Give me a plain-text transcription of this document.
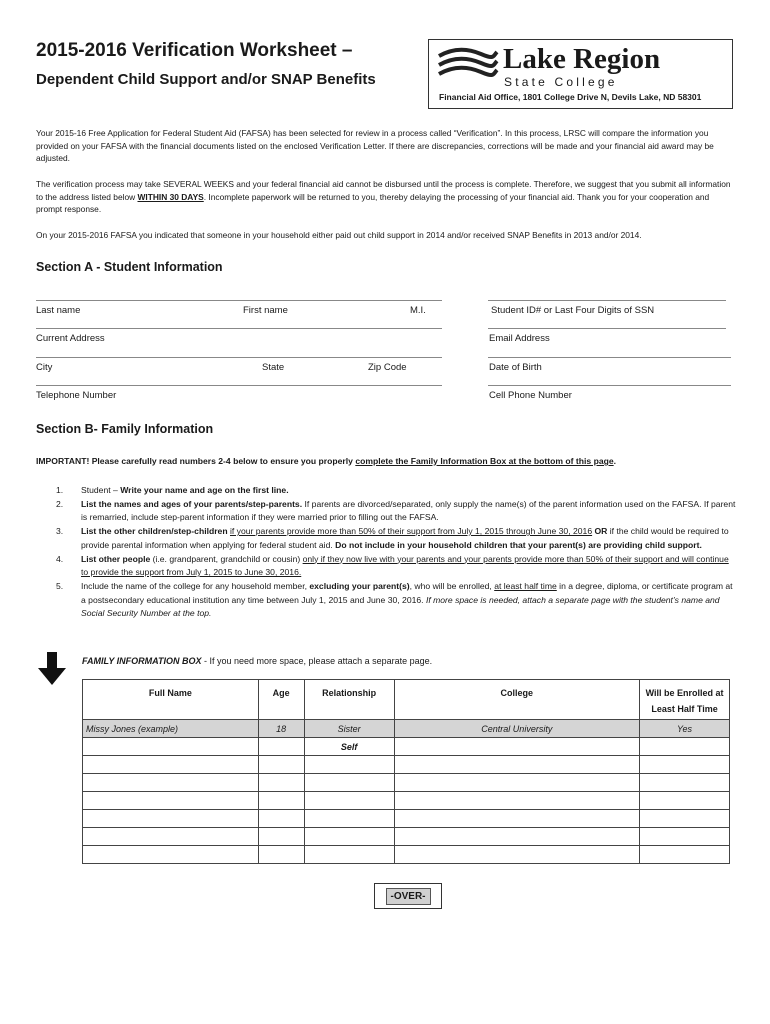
2015-2016 Verification Worksheet –
Dependent Child Support and/or SNAP Benefits
Lake Region
State College
Financial Aid Office, 1801 College Drive N, Devils Lake, ND 58301

Your 2015-16 Free Application for Federal Student Aid (FAFSA) has been selected for review in a process called “Verification”. In this process, LRSC will compare the information you provided on your FAFSA with the financial documents listed on the enclosed Verification Letter. If there are discrepancies, corrections will be made and your financial aid award may be adjusted.

The verification process may take SEVERAL WEEKS and your federal financial aid cannot be disbursed until the process is complete. Therefore, we suggest that you submit all information to the address listed below WITHIN 30 DAYS. Incomplete paperwork will be returned to you, thereby delaying the processing of your financial aid. Thank you for your cooperation and prompt response.

On your 2015-2016 FAFSA you indicated that someone in your household either paid out child support in 2014 and/or received SNAP Benefits in 2013 and/or 2014.

Section A - Student Information
Last name	First name	M.I.	Student ID# or Last Four Digits of SSN
Current Address	Email Address
City	State	Zip Code	Date of Birth
Telephone Number	Cell Phone Number
Section B- Family Information
IMPORTANT! Please carefully read numbers 2-4 below to ensure you properly complete the Family Information Box at the bottom of this page.
1. Student – Write your name and age on the first line.
2. List the names and ages of your parents/step-parents. If parents are divorced/separated, only supply the name(s) of the parent information used on the FAFSA. If parent is remarried, include step-parent information if they were married prior to filling out the FAFSA.
3. List the other children/step-children if your parents provide more than 50% of their support from July 1, 2015 through June 30, 2016 OR if the child would be required to provide parental information when applying for federal student aid. Do not include in your household children that your parent(s) are providing child support.
4. List other people (i.e. grandparent, grandchild or cousin) only if they now live with your parents and your parents provide more than 50% of their support and will continue to provide the support from July 1, 2015 to June 30, 2016.
5. Include the name of the college for any household member, excluding your parent(s), who will be enrolled, at least half time in a degree, diploma, or certificate program at a postsecondary educational institution any time between July 1, 2015 and June 30, 2016. If more space is needed, attach a separate page with the student’s name and Social Security Number at the top.
FAMILY INFORMATION BOX - If you need more space, please attach a separate page.
Full Name	Age	Relationship	College	Will be Enrolled at
Least Half Time
Missy Jones (example)	18	Sister	Central University	Yes
		Self		

-OVER-
